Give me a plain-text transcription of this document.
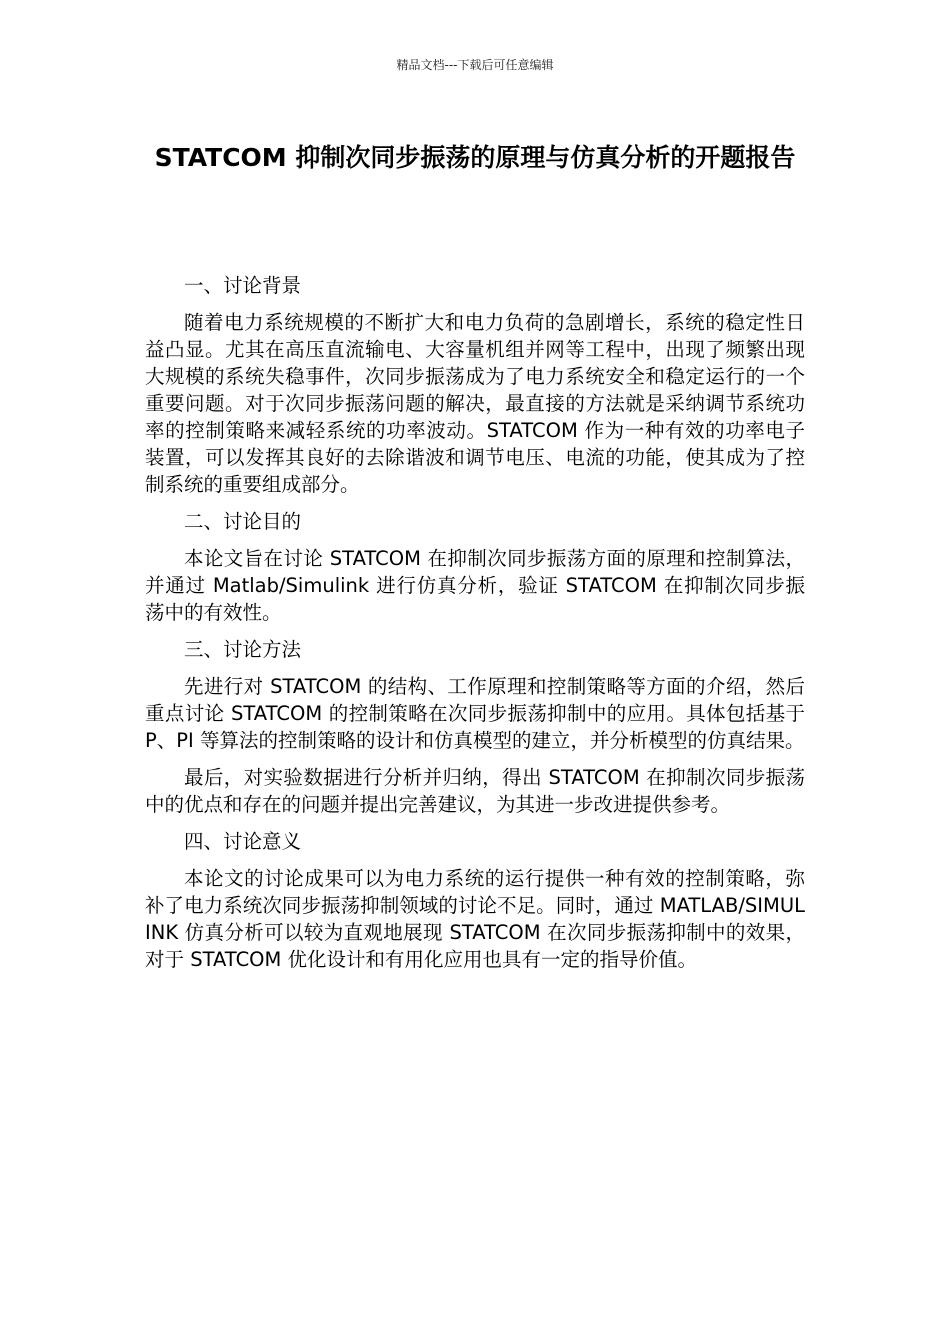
精品文档---下载后可任意编辑
STATCOM 抑制次同步振荡的原理与仿真分析的开题报告

一、讨论背景

随着电力系统规模的不断扩大和电力负荷的急剧增长，系统的稳定性日益凸显。尤其在高压直流输电、大容量机组并网等工程中，出现了频繁出现大规模的系统失稳事件，次同步振荡成为了电力系统安全和稳定运行的一个重要问题。对于次同步振荡问题的解决，最直接的方法就是采纳调节系统功率的控制策略来减轻系统的功率波动。STATCOM 作为一种有效的功率电子装置，可以发挥其良好的去除谐波和调节电压、电流的功能，使其成为了控制系统的重要组成部分。

二、讨论目的

本论文旨在讨论 STATCOM 在抑制次同步振荡方面的原理和控制算法，并通过 Matlab/Simulink 进行仿真分析，验证 STATCOM 在抑制次同步振荡中的有效性。

三、讨论方法

先进行对 STATCOM 的结构、工作原理和控制策略等方面的介绍，然后重点讨论 STATCOM 的控制策略在次同步振荡抑制中的应用。具体包括基于 P、PI 等算法的控制策略的设计和仿真模型的建立，并分析模型的仿真结果。

最后，对实验数据进行分析并归纳，得出 STATCOM 在抑制次同步振荡中的优点和存在的问题并提出完善建议，为其进一步改进提供参考。

四、讨论意义

本论文的讨论成果可以为电力系统的运行提供一种有效的控制策略，弥补了电力系统次同步振荡抑制领域的讨论不足。同时，通过 MATLAB/SIMULINK 仿真分析可以较为直观地展现 STATCOM 在次同步振荡抑制中的效果，对于 STATCOM 优化设计和有用化应用也具有一定的指导价值。
